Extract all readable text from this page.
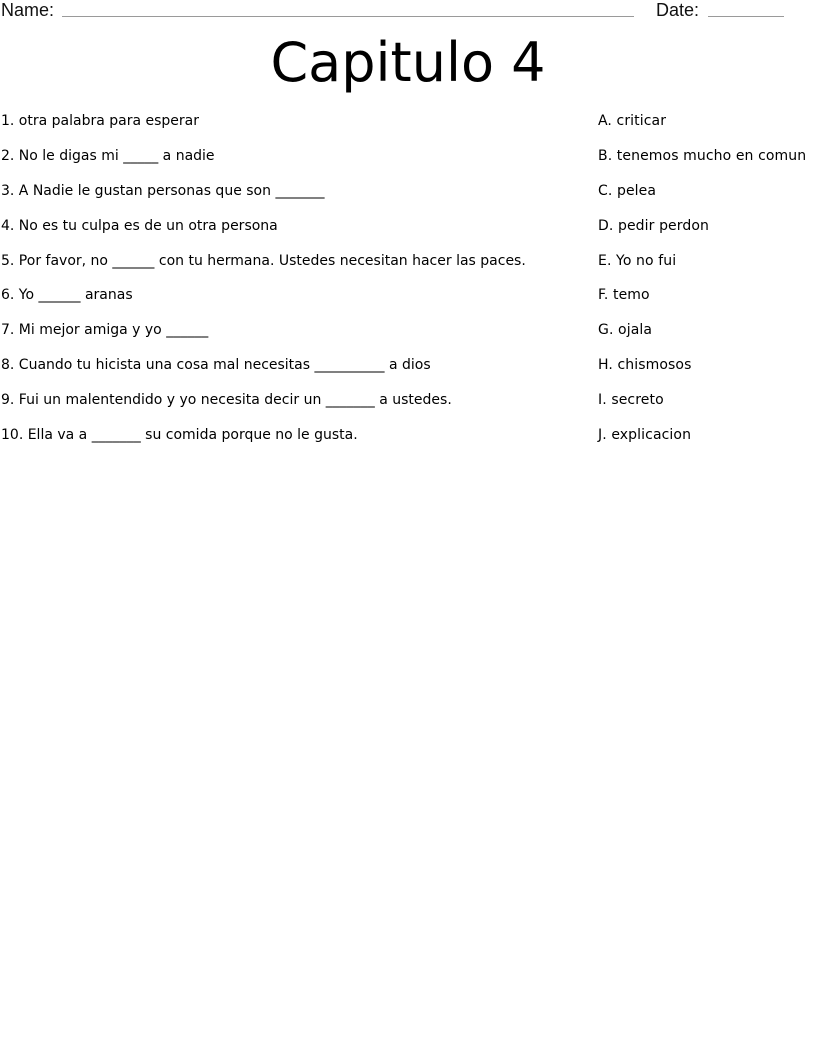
Name:	Date:
Capitulo 4
1. otra palabra para esperar
2. No le digas mi _____ a nadie
3. A Nadie le gustan personas que son _______
4. No es tu culpa es de un otra persona
5. Por favor, no ______ con tu hermana. Ustedes necesitan hacer las paces.
6. Yo ______ aranas
7. Mi mejor amiga y yo ______
8. Cuando tu hicista una cosa mal necesitas __________ a dios
9. Fui un malentendido y yo necesita decir un _______ a ustedes.
10. Ella va a _______ su comida porque no le gusta.
A. criticar
B. tenemos mucho en comun
C. pelea
D. pedir perdon
E. Yo no fui
F. temo
G. ojala
H. chismosos
I. secreto
J. explicacion
